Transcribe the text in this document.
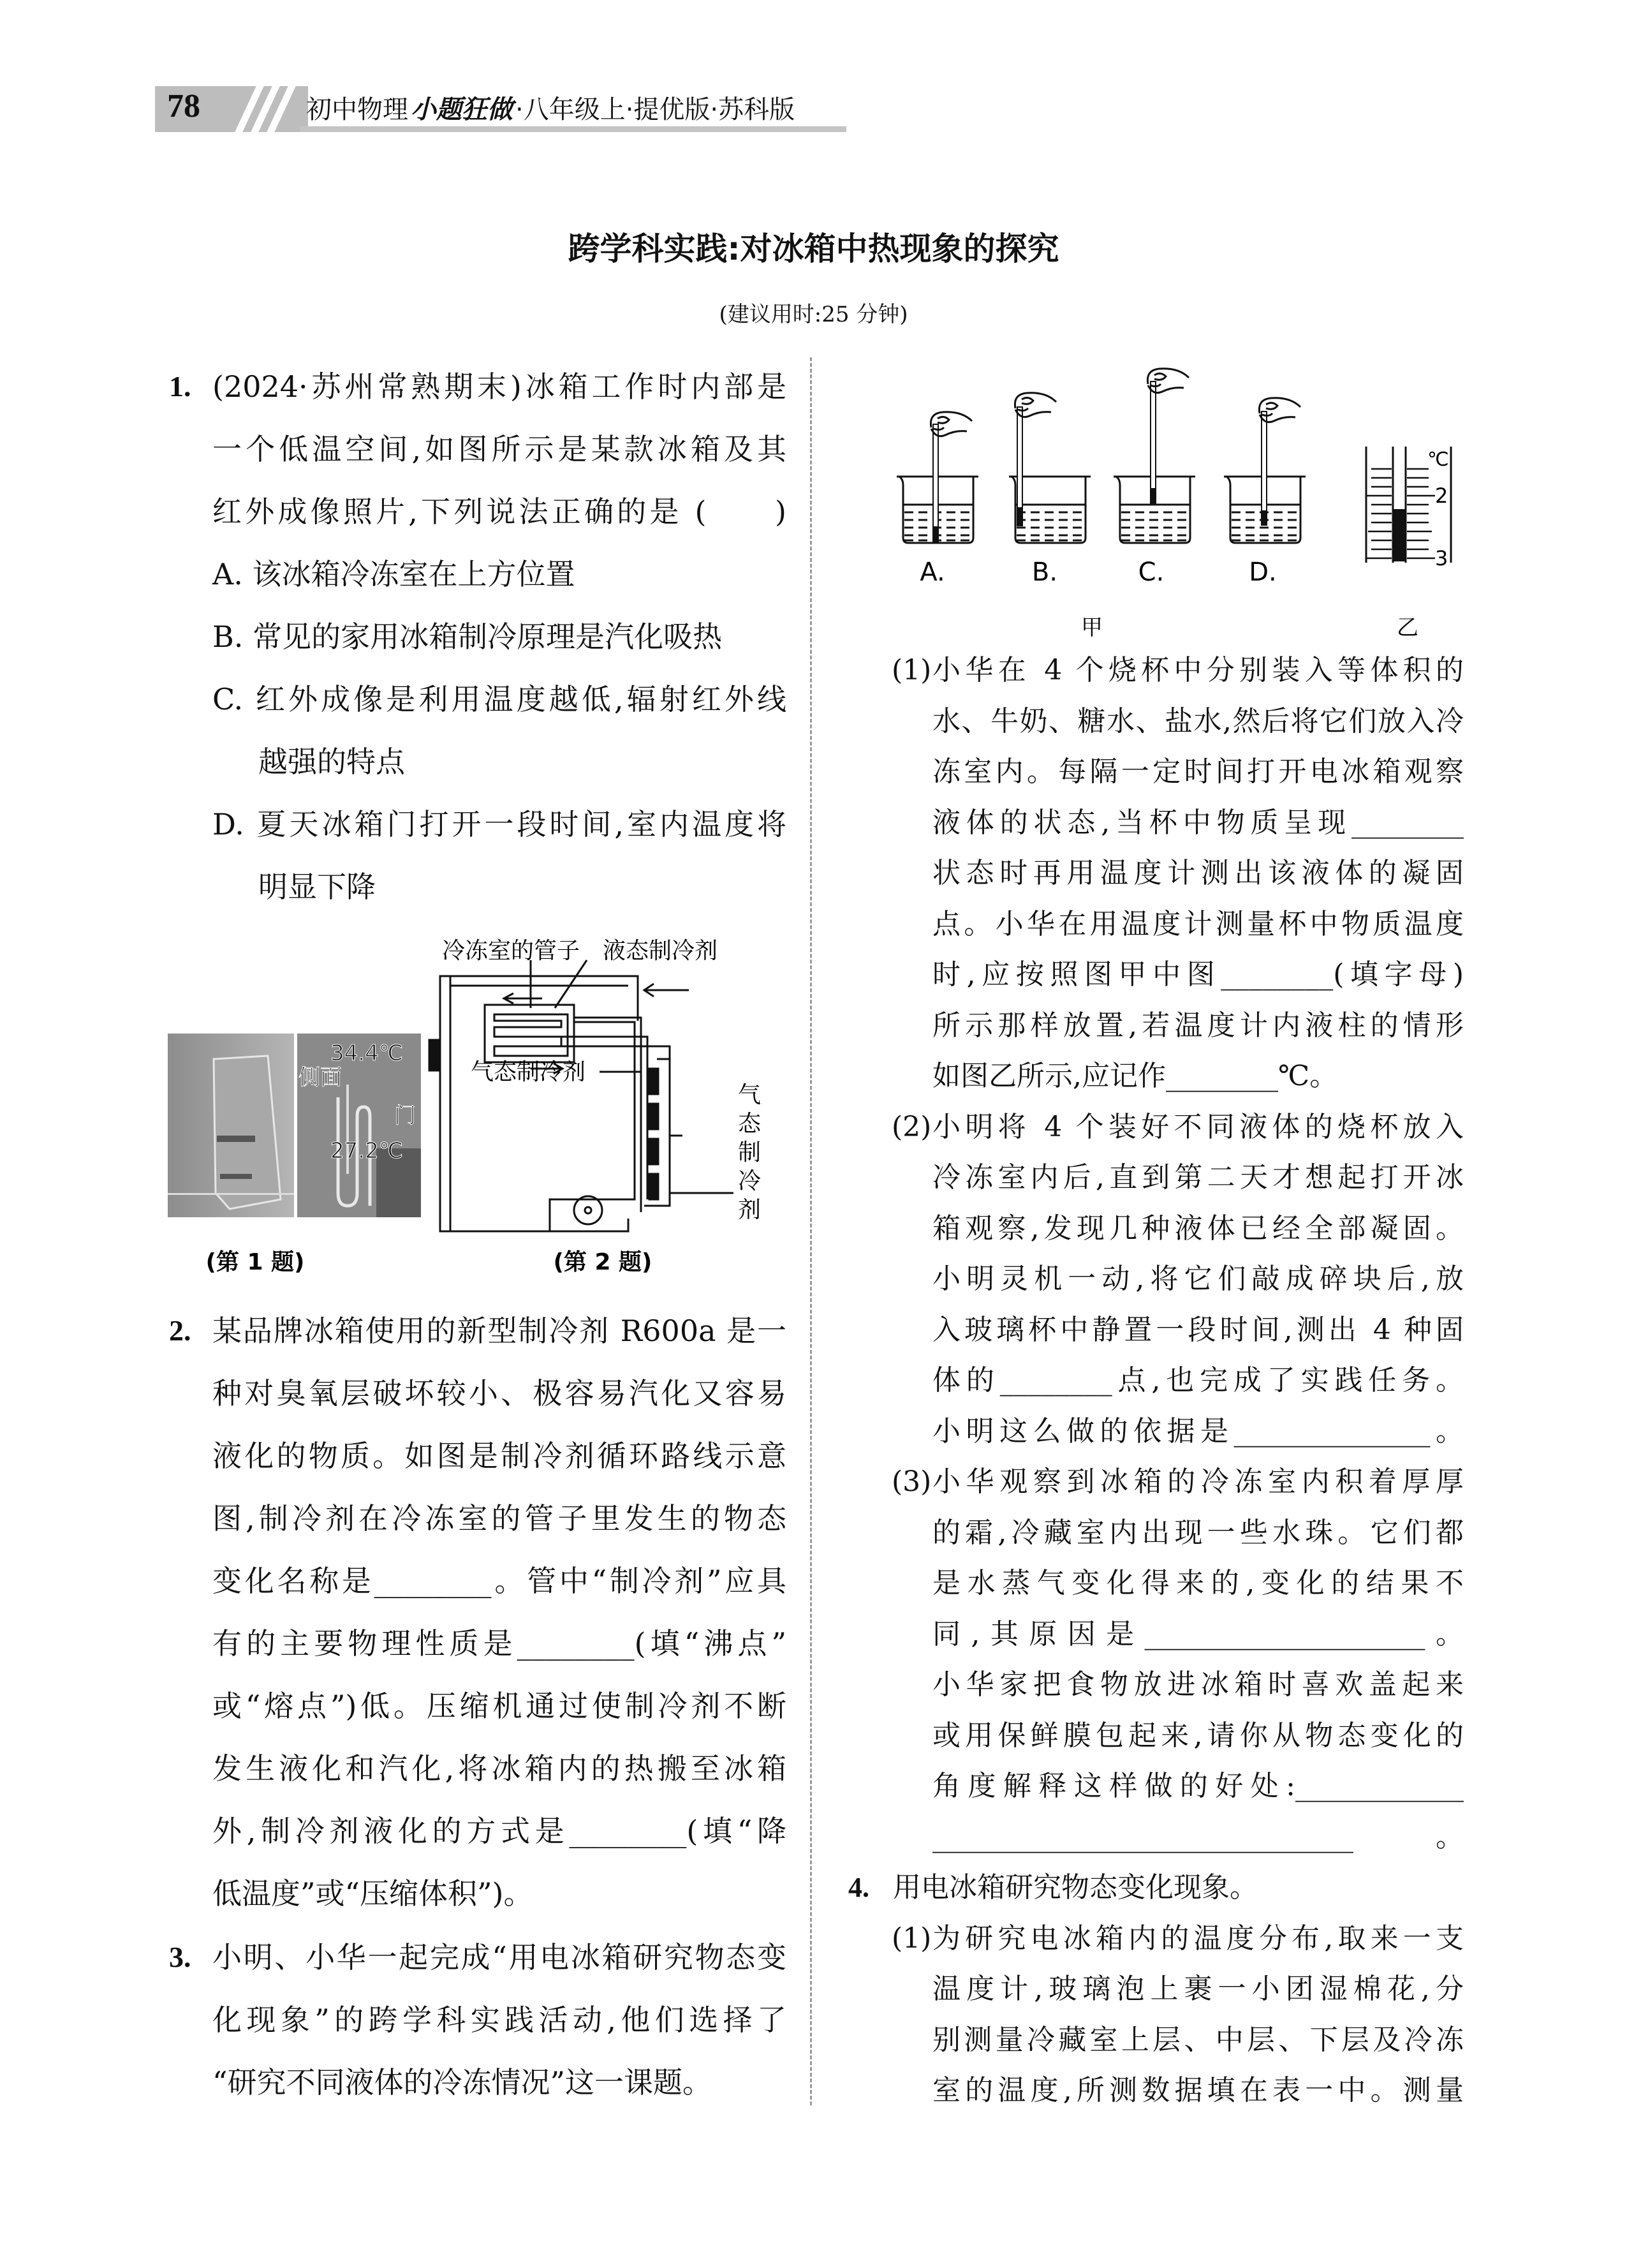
78	初中物理 小题狂做 ·八年级上·提优版·苏科版
跨学科实践:对冰箱中热现象的探究
(建议用时:25 分钟)
1. (2024·苏州常熟期末)冰箱工作时内部是
一个低温空间,如图所示是某款冰箱及其
红外成像照片,下列说法正确的是 (　　)
A. 该冰箱冷冻室在上方位置
B. 常见的家用冰箱制冷原理是汽化吸热
C. 红外成像是利用温度越低,辐射红外线
越强的特点
D. 夏天冰箱门打开一段时间,室内温度将
明显下降
34.4℃
侧面
门
27.2℃
(第 1 题)
冷冻室的管子 液态制冷剂
气态制冷剂
气
态
制
冷
剂
(第 2 题)
2. 某品牌冰箱使用的新型制冷剂 R600a 是一
种对臭氧层破坏较小、极容易汽化又容易
液化的物质。如图是制冷剂循环路线示意
图,制冷剂在冷冻室的管子里发生的物态
变化名称是________。管中“制冷剂”应具
有的主要物理性质是________(填“沸点”
或“熔点”)低。压缩机通过使制冷剂不断
发生液化和汽化,将冰箱内的热搬至冰箱
外,制冷剂液化的方式是________(填“降
低温度”或“压缩体积”)。
3. 小明、小华一起完成“用电冰箱研究物态变
化现象”的跨学科实践活动,他们选择了
“研究不同液体的冷冻情况”这一课题。
A.	B.	C.	D.
甲	乙
℃
2
3
(1) 小华在 4 个烧杯中分别装入等体积的
水、牛奶、糖水、盐水,然后将它们放入冷
冻室内。每隔一定时间打开电冰箱观察
液体的状态,当杯中物质呈现________
状态时再用温度计测出该液体的凝固
点。小华在用温度计测量杯中物质温度
时,应按照图甲中图________(填字母)
所示那样放置,若温度计内液柱的情形
如图乙所示,应记作________℃。
(2) 小明将 4 个装好不同液体的烧杯放入
冷冻室内后,直到第二天才想起打开冰
箱观察,发现几种液体已经全部凝固。
小明灵机一动,将它们敲成碎块后,放
入玻璃杯中静置一段时间,测出 4 种固
体的________点,也完成了实践任务。
小明这么做的依据是______________。
(3) 小华观察到冰箱的冷冻室内积着厚厚
的霜,冷藏室内出现一些水珠。它们都
是水蒸气变化得来的,变化的结果不
同,其原因是____________________。
小华家把食物放进冰箱时喜欢盖起来
或用保鲜膜包起来,请你从物态变化的
角度解释这样做的好处:____________
______________________________。
4. 用电冰箱研究物态变化现象。
(1) 为研究电冰箱内的温度分布,取来一支
温度计,玻璃泡上裹一小团湿棉花,分
别测量冷藏室上层、中层、下层及冷冻
室的温度,所测数据填在表一中。测量
